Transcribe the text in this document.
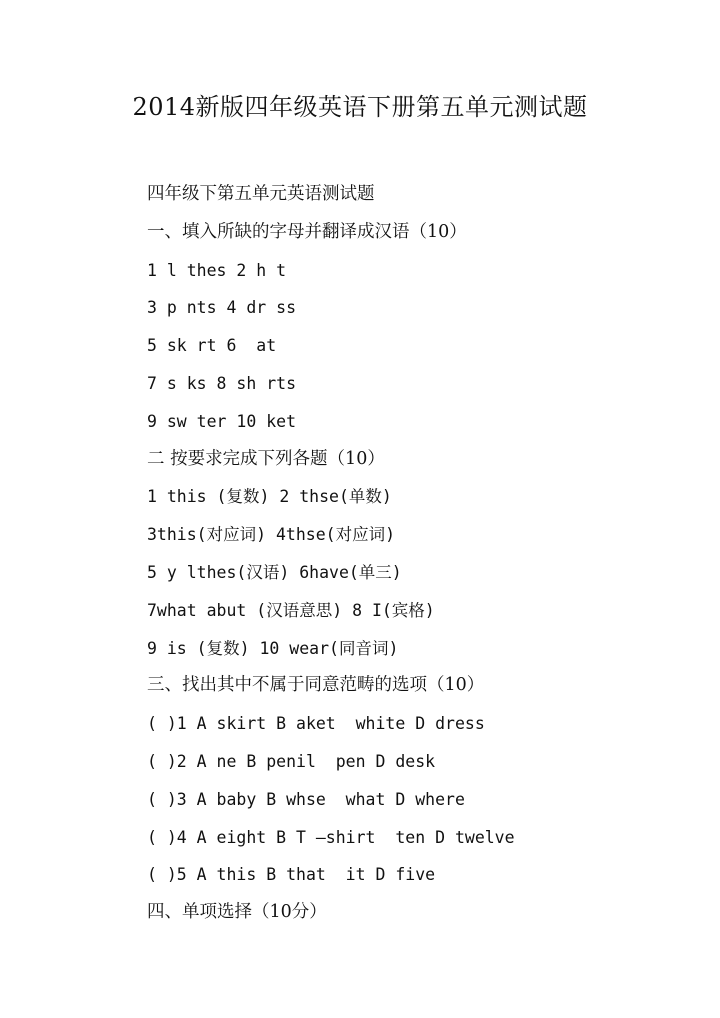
2014新版四年级英语下册第五单元测试题
四年级下第五单元英语测试题
一、填入所缺的字母并翻译成汉语（10）
1 l thes 2 h t
3 p nts 4 dr ss
5 sk rt 6  at
7 s ks 8 sh rts
9 sw ter 10 ket
二 按要求完成下列各题（10）
1 this (复数) 2 thse(单数)
3this(对应词) 4thse(对应词)
5 y lthes(汉语) 6have(单三)
7what abut (汉语意思) 8 I(宾格)
9 is (复数) 10 wear(同音词)
三、找出其中不属于同意范畴的选项（10）
( )1 A skirt B aket  white D dress
( )2 A ne B penil  pen D desk
( )3 A baby B whse  what D where
( )4 A eight B T –shirt  ten D twelve
( )5 A this B that  it D five
四、单项选择（10分）
